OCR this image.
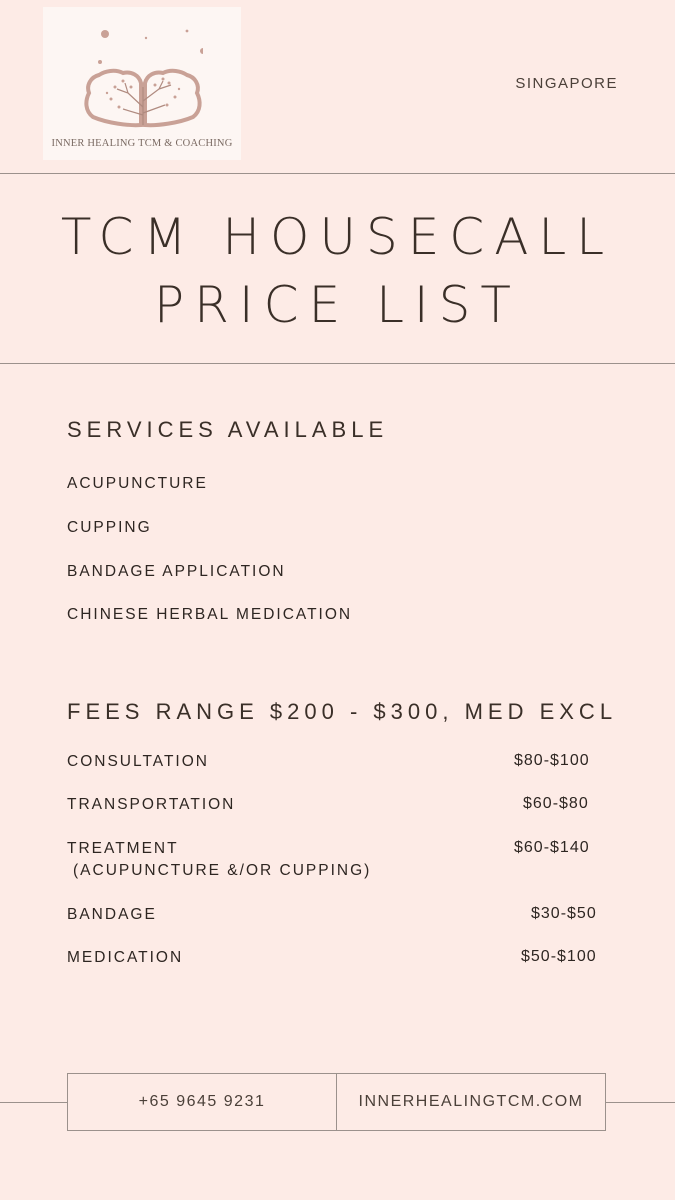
INNER HEALING TCM & COACHING
SINGAPORE
TCM HOUSECALL
PRICE LIST
SERVICES AVAILABLE
ACUPUNCTURE
CUPPING
BANDAGE APPLICATION
CHINESE HERBAL MEDICATION
FEES RANGE $200 - $300, MED EXCL
CONSULTATION	$80-$100
TRANSPORTATION	$60-$80
TREATMENT
(ACUPUNCTURE &/OR CUPPING)
$60-$140
BANDAGE	$30-$50
MEDICATION	$50-$100
+65 9645 9231	INNERHEALINGTCM.COM
